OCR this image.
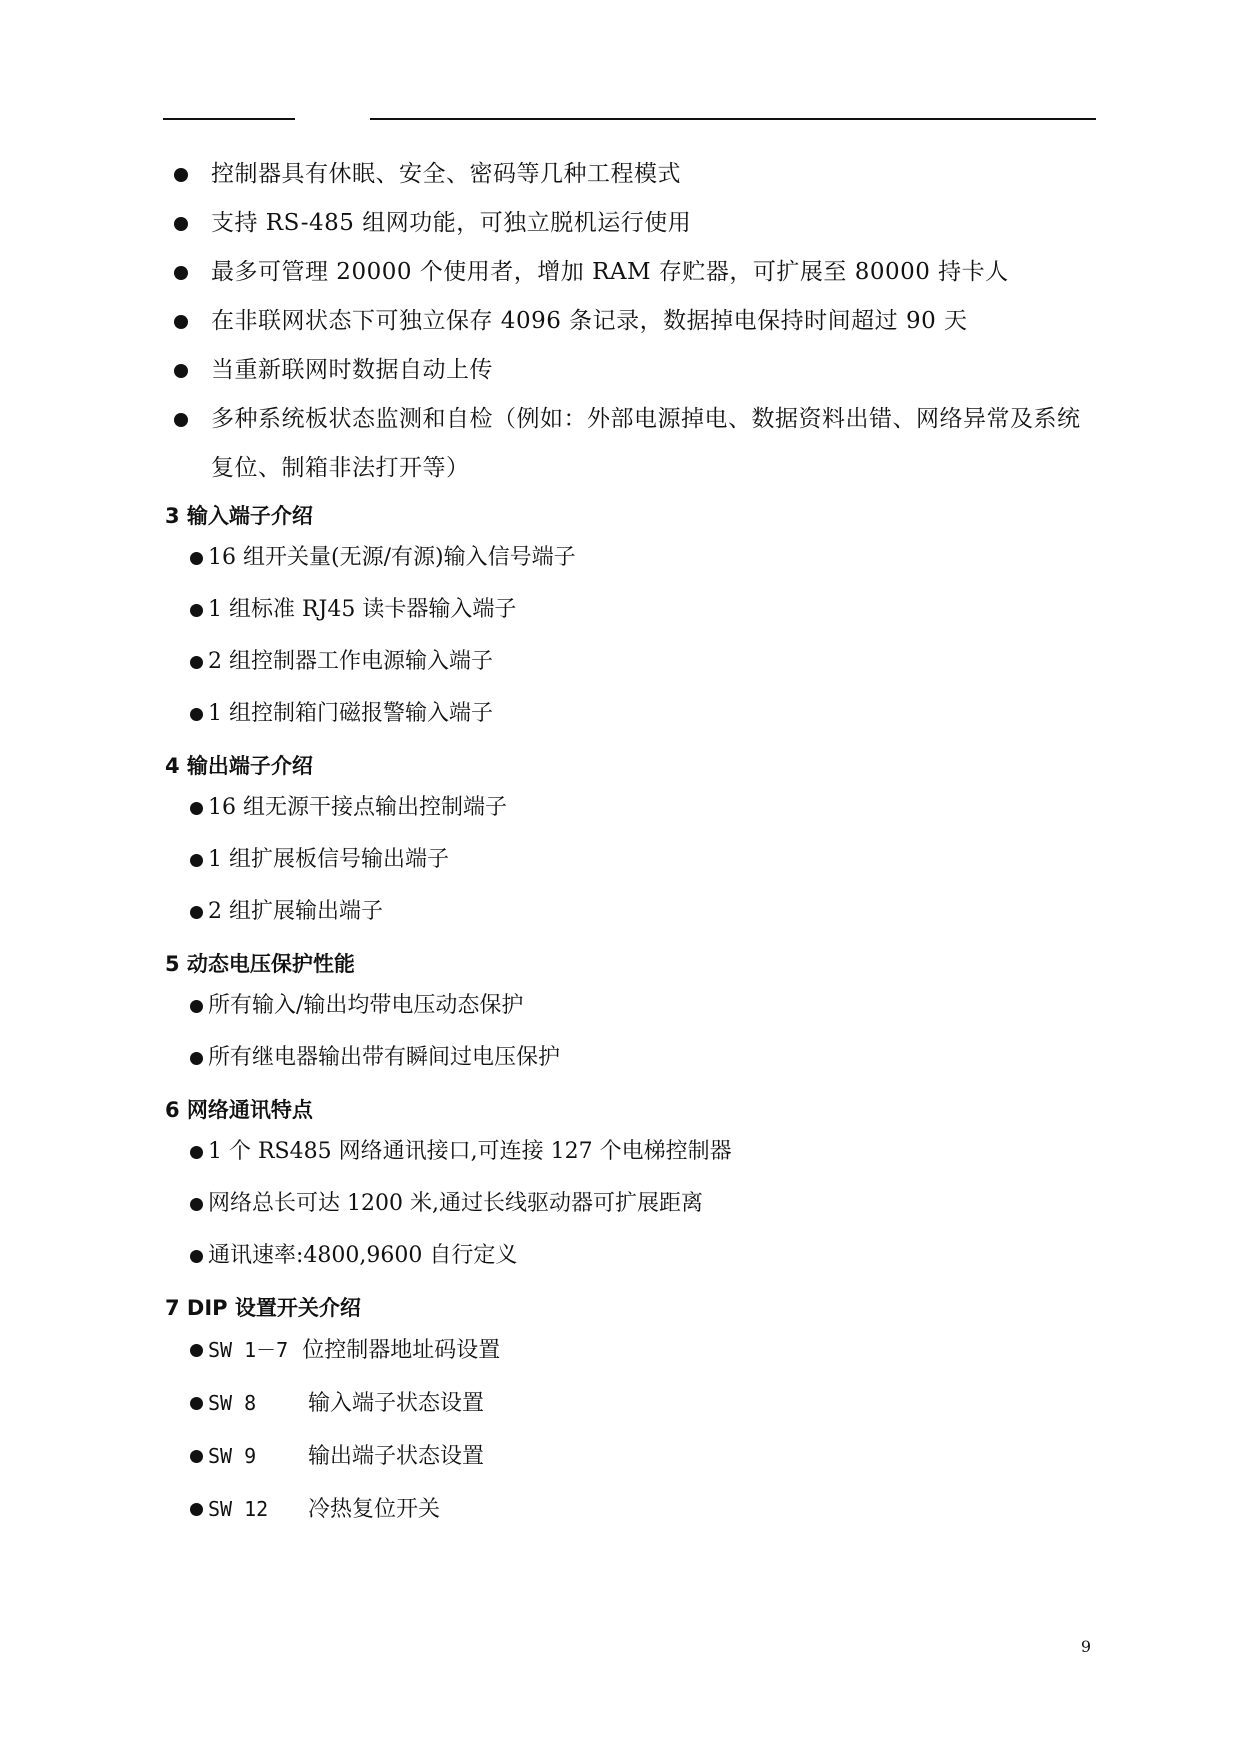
控制器具有休眠、安全、密码等几种工程模式
支持 RS-485 组网功能，可独立脱机运行使用
最多可管理 20000 个使用者，增加 RAM 存贮器，可扩展至 80000 持卡人
在非联网状态下可独立保存 4096 条记录，数据掉电保持时间超过 90 天
当重新联网时数据自动上传
多种系统板状态监测和自检（例如：外部电源掉电、数据资料出错、网络异常及系统复位、制箱非法打开等）
3 输入端子介绍
16 组开关量(无源/有源)输入信号端子
1 组标准 RJ45 读卡器输入端子
2 组控制器工作电源输入端子
1 组控制箱门磁报警输入端子
4 输出端子介绍
16 组无源干接点输出控制端子
1 组扩展板信号输出端子
2 组扩展输出端子
5 动态电压保护性能
所有输入/输出均带电压动态保护
所有继电器输出带有瞬间过电压保护
6 网络通讯特点
1 个 RS485 网络通讯接口,可连接 127 个电梯控制器
网络总长可达 1200 米,通过长线驱动器可扩展距离
通讯速率:4800,9600 自行定义
7 DIP 设置开关介绍
SW 1－7 位控制器地址码设置
SW 8 输入端子状态设置
SW 9 输出端子状态设置
SW 12 冷热复位开关
9
